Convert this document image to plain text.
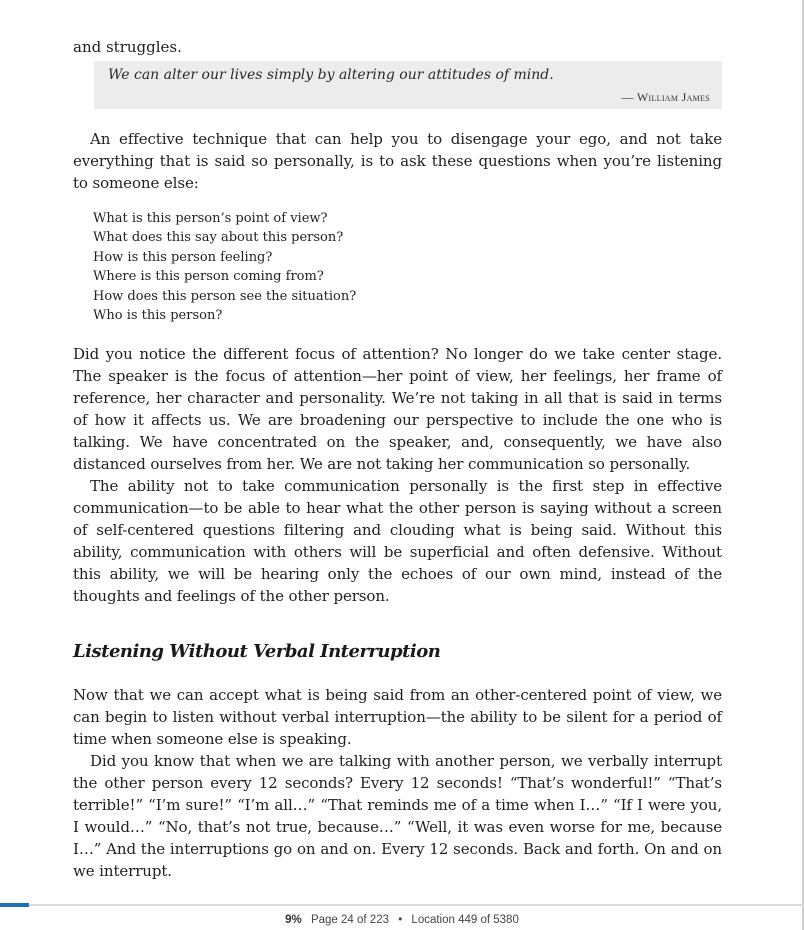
and struggles.

We can alter our lives simply by altering our attitudes of mind.
— William James

An effective technique that can help you to disengage your ego, and not take everything that is said so personally, is to ask these questions when you’re listening to someone else:

What is this person’s point of view?
What does this say about this person?
How is this person feeling?
Where is this person coming from?
How does this person see the situation?
Who is this person?

Did you notice the different focus of attention? No longer do we take center stage. The speaker is the focus of attention—her point of view, her feelings, her frame of reference, her character and personality. We’re not taking in all that is said in terms of how it affects us. We are broadening our perspective to include the one who is talking. We have concentrated on the speaker, and, consequently, we have also distanced ourselves from her. We are not taking her communication so personally.

The ability not to take communication personally is the first step in effective communication—to be able to hear what the other person is saying without a screen of self-centered questions filtering and clouding what is being said. Without this ability, communication with others will be superficial and often defensive. Without this ability, we will be hearing only the echoes of our own mind, instead of the thoughts and feelings of the other person.

Listening Without Verbal Interruption

Now that we can accept what is being said from an other-centered point of view, we can begin to listen without verbal interruption—the ability to be silent for a period of time when someone else is speaking.

Did you know that when we are talking with another person, we verbally interrupt the other person every 12 seconds? Every 12 seconds! “That’s wonderful!” “That’s terrible!” “I’m sure!” “I’m all…” “That reminds me of a time when I…” “If I were you, I would…” “No, that’s not true, because…” “Well, it was even worse for me, because I…” And the interruptions go on and on. Every 12 seconds. Back and forth. On and on we interrupt.

9% Page 24 of 223 • Location 449 of 5380
